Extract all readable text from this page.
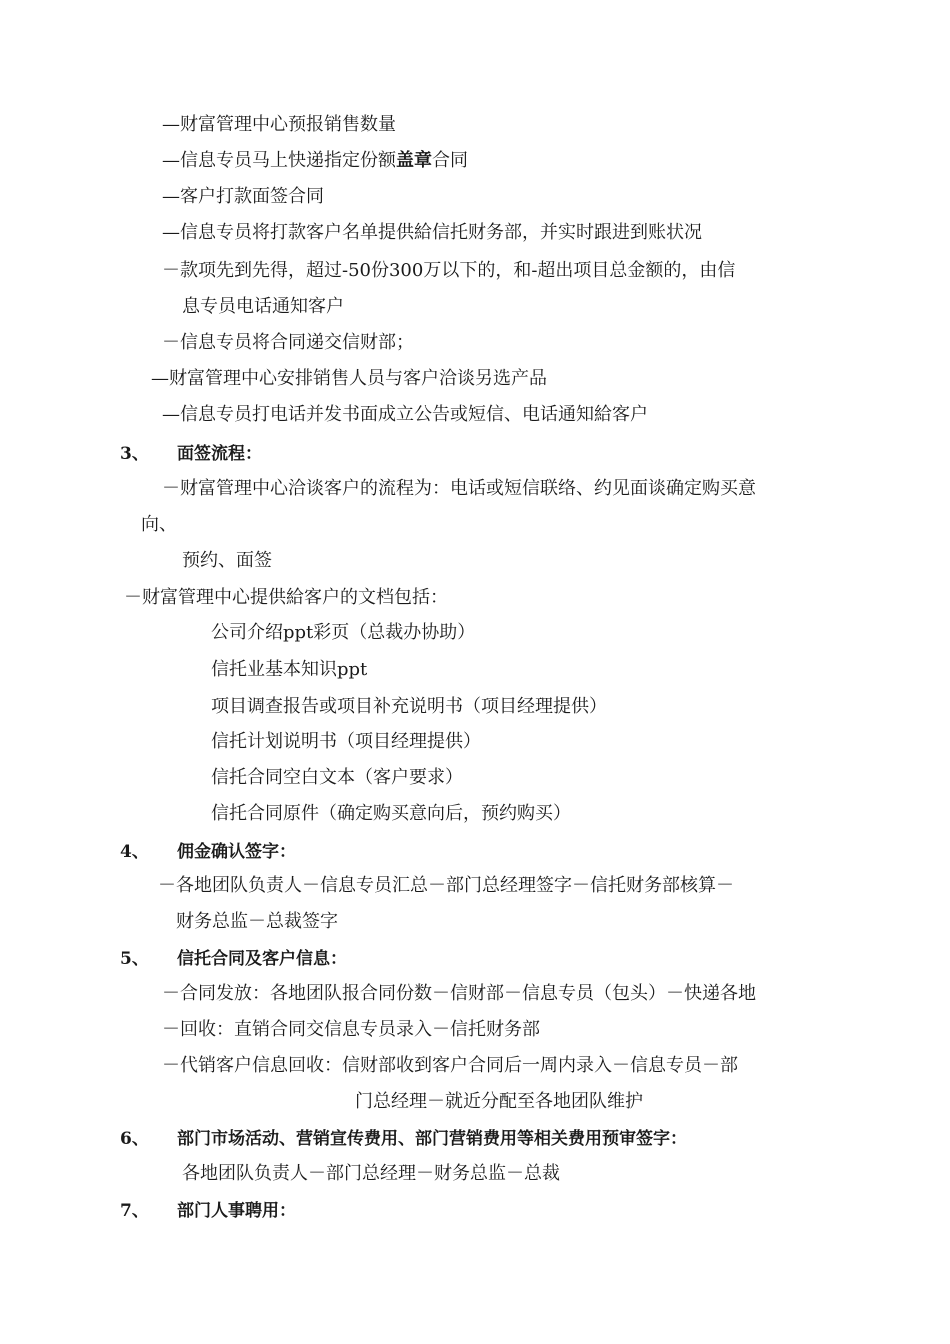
—财富管理中心预报销售数量
—信息专员马上快递指定份额盖章合同
—客户打款面签合同
—信息专员将打款客户名单提供給信托财务部，并实时跟进到账状况
－款项先到先得，超过-50份300万以下的，和-超出项目总金额的，由信
息专员电话通知客户
－信息专员将合同递交信财部；
—财富管理中心安排销售人员与客户洽谈另选产品
—信息专员打电话并发书面成立公告或短信、电话通知給客户
3、 面签流程：
－财富管理中心洽谈客户的流程为：电话或短信联络、约见面谈确定购买意
向、
预约、面签
－财富管理中心提供給客户的文档包括：
公司介绍ppt彩页（总裁办协助）
信托业基本知识ppt
项目调查报告或项目补充说明书（项目经理提供）
信托计划说明书（项目经理提供）
信托合同空白文本（客户要求）
信托合同原件（确定购买意向后，预约购买）
4、 佣金确认签字：
－各地团队负责人－信息专员汇总－部门总经理签字－信托财务部核算－
财务总监－总裁签字
5、 信托合同及客户信息：
－合同发放：各地团队报合同份数－信财部－信息专员（包头）－快递各地
－回收：直销合同交信息专员录入－信托财务部
－代销客户信息回收：信财部收到客户合同后一周内录入－信息专员－部
门总经理－就近分配至各地团队维护
6、 部门市场活动、营销宣传费用、部门营销费用等相关费用预审签字：
各地团队负责人－部门总经理－财务总监－总裁
7、 部门人事聘用：
